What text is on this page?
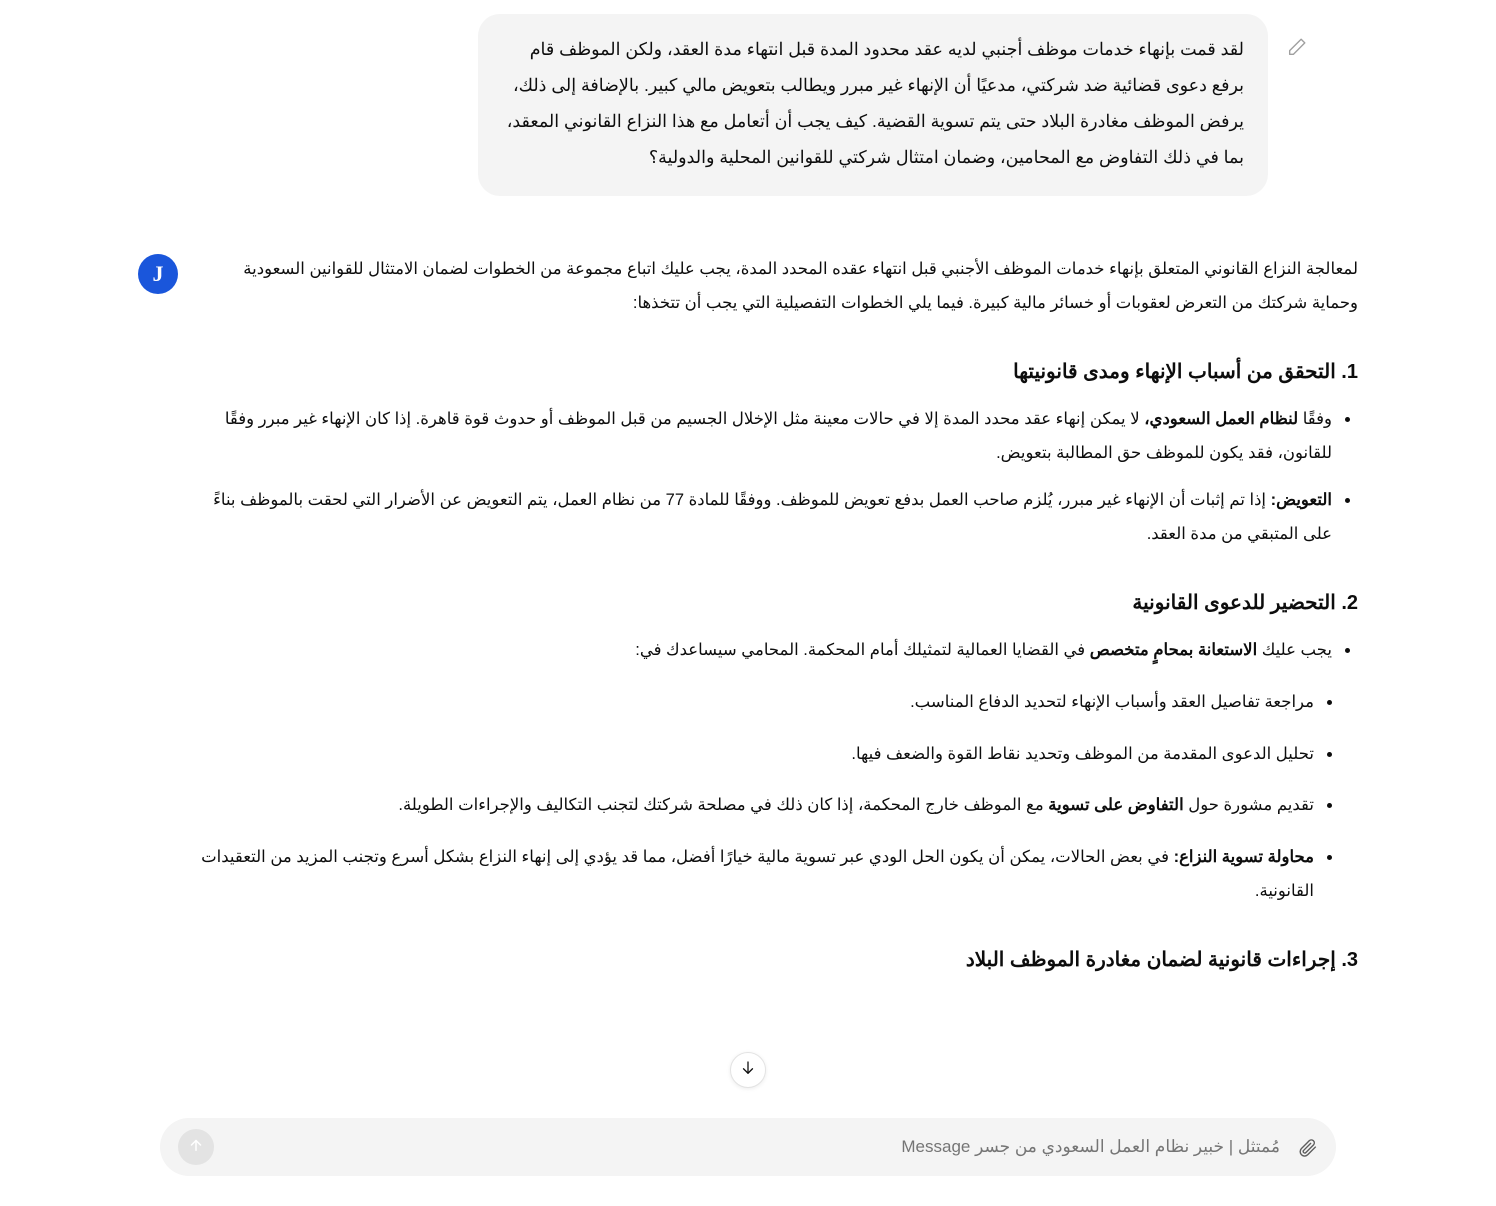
لقد قمت بإنهاء خدمات موظف أجنبي لديه عقد محدود المدة قبل انتهاء مدة العقد، ولكن الموظف قام برفع دعوى قضائية ضد شركتي، مدعيًا أن الإنهاء غير مبرر ويطالب بتعويض مالي كبير. بالإضافة إلى ذلك، يرفض الموظف مغادرة البلاد حتى يتم تسوية القضية. كيف يجب أن أتعامل مع هذا النزاع القانوني المعقد، بما في ذلك التفاوض مع المحامين، وضمان امتثال شركتي للقوانين المحلية والدولية؟
J	لمعالجة النزاع القانوني المتعلق بإنهاء خدمات الموظف الأجنبي قبل انتهاء عقده المحدد المدة، يجب عليك اتباع مجموعة من الخطوات لضمان الامتثال للقوانين السعودية وحماية شركتك من التعرض لعقوبات أو خسائر مالية كبيرة. فيما يلي الخطوات التفصيلية التي يجب أن تتخذها:

1. التحقق من أسباب الإنهاء ومدى قانونيتها
وفقًا لنظام العمل السعودي، لا يمكن إنهاء عقد محدد المدة إلا في حالات معينة مثل الإخلال الجسيم من قبل الموظف أو حدوث قوة قاهرة. إذا كان الإنهاء غير مبرر وفقًا للقانون، فقد يكون للموظف حق المطالبة بتعويض.
التعويض: إذا تم إثبات أن الإنهاء غير مبرر، يُلزم صاحب العمل بدفع تعويض للموظف. ووفقًا للمادة 77 من نظام العمل، يتم التعويض عن الأضرار التي لحقت بالموظف بناءً على المتبقي من مدة العقد.
2. التحضير للدعوى القانونية
يجب عليك الاستعانة بمحامٍ متخصص في القضايا العمالية لتمثيلك أمام المحكمة. المحامي سيساعدك في:
مراجعة تفاصيل العقد وأسباب الإنهاء لتحديد الدفاع المناسب.
تحليل الدعوى المقدمة من الموظف وتحديد نقاط القوة والضعف فيها.
تقديم مشورة حول التفاوض على تسوية مع الموظف خارج المحكمة، إذا كان ذلك في مصلحة شركتك لتجنب التكاليف والإجراءات الطويلة.
محاولة تسوية النزاع: في بعض الحالات، يمكن أن يكون الحل الودي عبر تسوية مالية خيارًا أفضل، مما قد يؤدي إلى إنهاء النزاع بشكل أسرع وتجنب المزيد من التعقيدات القانونية.
3. إجراءات قانونية لضمان مغادرة الموظف البلاد
مُمتثل | خبير نظام العمل السعودي من جسر Message
